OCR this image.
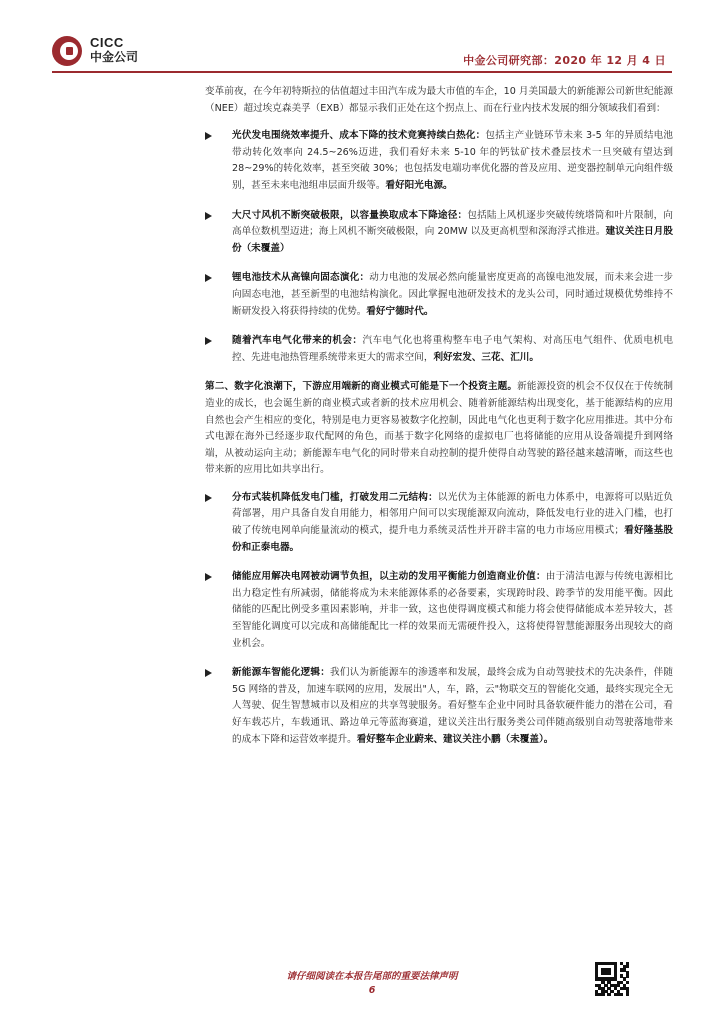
CICC
中金公司	中金公司研究部：2020 年 12 月 4 日

变革前夜，在今年初特斯拉的估值超过丰田汽车成为最大市值的车企，10 月美国最大的新能源公司新世纪能源（NEE）超过埃克森美孚（EXB）都显示我们正处在这个拐点上、而在行业内技术发展的细分领域我们看到：

光伏发电围绕效率提升、成本下降的技术竞赛持续白热化：包括主产业链环节未来 3-5 年的异质结电池带动转化效率向 24.5~26%迈进，我们看好未来 5-10 年的钙钛矿技术叠层技术一旦突破有望达到 28~29%的转化效率，甚至突破 30%；也包括发电端功率优化器的普及应用、逆变器控制单元向组件级别，甚至未来电池组串层面升级等。看好阳光电源。
大尺寸风机不断突破极限，以容量换取成本下降途径：包括陆上风机逐步突破传统塔筒和叶片限制，向高单位数机型迈进；海上风机不断突破极限，向 20MW 以及更高机型和深海浮式推进。建议关注日月股份（未覆盖）
锂电池技术从高镍向固态演化：动力电池的发展必然向能量密度更高的高镍电池发展，而未来会进一步向固态电池，甚至新型的电池结构演化。因此掌握电池研发技术的龙头公司，同时通过规模优势维持不断研发投入将获得持续的优势。看好宁德时代。
随着汽车电气化带来的机会：汽车电气化也将重构整车电子电气架构、对高压电气组件、优质电机电控、先进电池热管理系统带来更大的需求空间，利好宏发、三花、汇川。

第二、数字化浪潮下，下游应用端新的商业模式可能是下一个投资主题。新能源投资的机会不仅仅在于传统制造业的成长，也会诞生新的商业模式或者新的技术应用机会、随着新能源结构出现变化，基于能源结构的应用自然也会产生相应的变化，特别是电力更容易被数字化控制，因此电气化也更利于数字化应用推进。其中分布式电源在海外已经逐步取代配网的角色，而基于数字化网络的虚拟电厂也将储能的应用从设备端提升到网络端，从被动运向主动；新能源车电气化的同时带来自动控制的提升使得自动驾驶的路径越来越清晰，而这些也带来新的应用比如共享出行。

分布式装机降低发电门槛，打破发用二元结构：以光伏为主体能源的新电力体系中，电源将可以贴近负荷部署，用户具备自发自用能力，相邻用户间可以实现能源双向流动，降低发电行业的进入门槛，也打破了传统电网单向能量流动的模式，提升电力系统灵活性并开辟丰富的电力市场应用模式；看好隆基股份和正泰电器。
储能应用解决电网被动调节负担，以主动的发用平衡能力创造商业价值：由于清洁电源与传统电源相比出力稳定性有所减弱，储能将成为未来能源体系的必备要素，实现跨时段、跨季节的发用能平衡。因此储能的匹配比例受多重因素影响，并非一致，这也使得调度模式和能力将会使得储能成本差异较大，甚至智能化调度可以完成和高储能配比一样的效果而无需硬件投入，这将使得智慧能源服务出现较大的商业机会。
新能源车智能化逻辑：我们认为新能源车的渗透率和发展，最终会成为自动驾驶技术的先决条件，伴随 5G 网络的普及，加速车联网的应用，发展出"人，车，路，云"物联交互的智能化交通，最终实现完全无人驾驶、促生智慧城市以及相应的共享驾驶服务。看好整车企业中同时具备软硬件能力的潜在公司，看好车载芯片，车载通讯、路边单元等蓝海赛道，建议关注出行服务类公司伴随高级别自动驾驶落地带来的成本下降和运营效率提升。看好整车企业蔚来、建议关注小鹏（未覆盖）。
请仔细阅读在本报告尾部的重要法律声明
6
